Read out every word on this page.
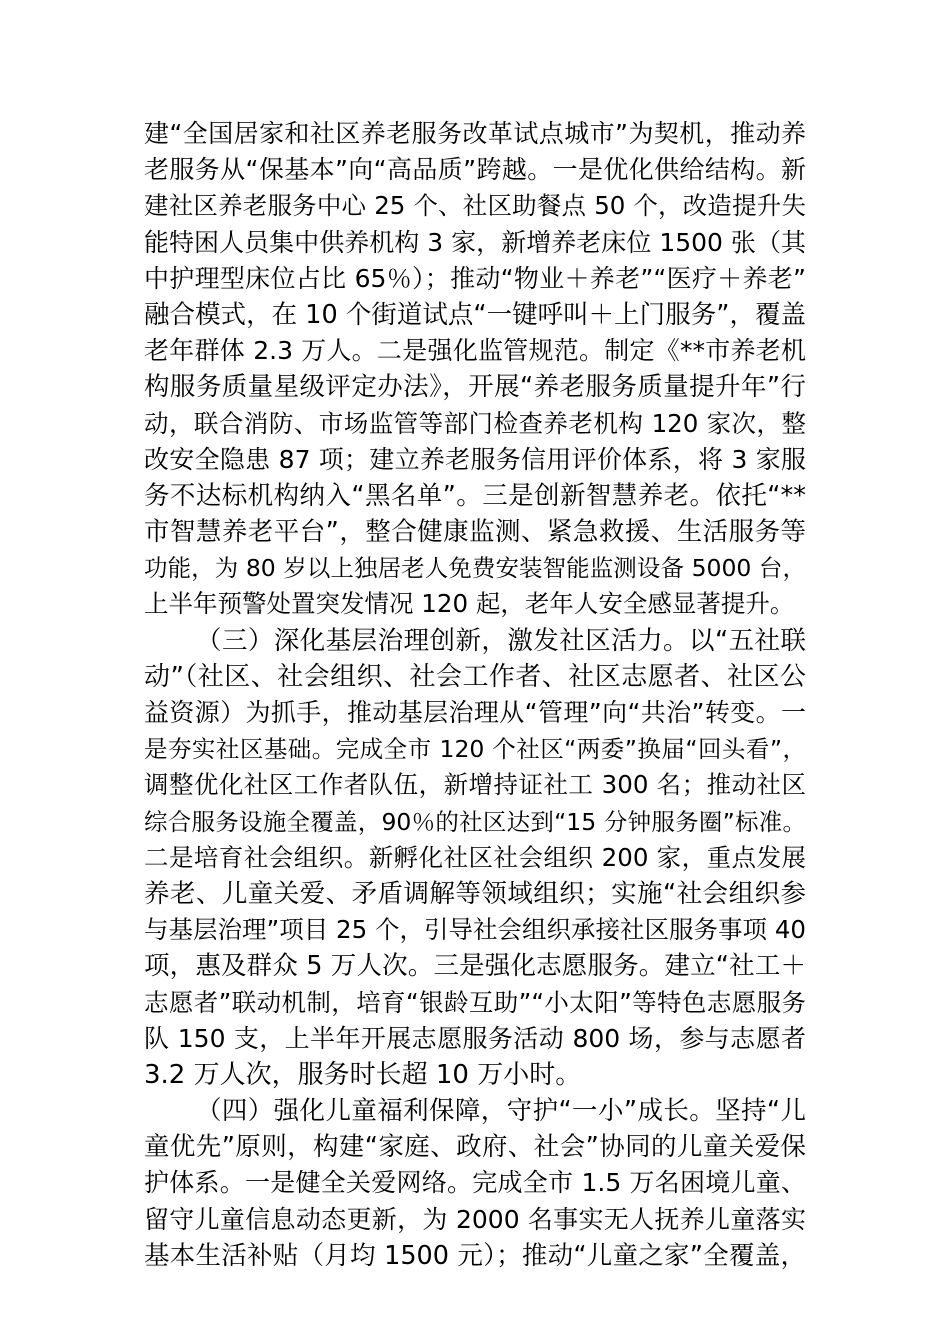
建“全国居家和社区养老服务改革试点城市”为契机，推动养
老服务从“保基本”向“高品质”跨越。一是优化供给结构。新
建社区养老服务中心 25 个、社区助餐点 50 个，改造提升失
能特困人员集中供养机构 3 家，新增养老床位 1500 张（其
中护理型床位占比 65％）；推动“物业＋养老”“医疗＋养老”
融合模式，在 10 个街道试点“一键呼叫＋上门服务”，覆盖
老年群体 2.3 万人。二是强化监管规范。制定《**市养老机
构服务质量星级评定办法》，开展“养老服务质量提升年”行
动，联合消防、市场监管等部门检查养老机构 120 家次，整
改安全隐患 87 项；建立养老服务信用评价体系，将 3 家服
务不达标机构纳入“黑名单”。三是创新智慧养老。依托“**
市智慧养老平台”，整合健康监测、紧急救援、生活服务等
功能，为 80 岁以上独居老人免费安装智能监测设备 5000 台，
上半年预警处置突发情况 120 起，老年人安全感显著提升。
（三）深化基层治理创新，激发社区活力。以“五社联
动”（社区、社会组织、社会工作者、社区志愿者、社区公
益资源）为抓手，推动基层治理从“管理”向“共治”转变。一
是夯实社区基础。完成全市 120 个社区“两委”换届“回头看”，
调整优化社区工作者队伍，新增持证社工 300 名；推动社区
综合服务设施全覆盖，90％的社区达到“15 分钟服务圈”标准。
二是培育社会组织。新孵化社区社会组织 200 家，重点发展
养老、儿童关爱、矛盾调解等领域组织；实施“社会组织参
与基层治理”项目 25 个，引导社会组织承接社区服务事项 40
项，惠及群众 5 万人次。三是强化志愿服务。建立“社工＋
志愿者”联动机制，培育“银龄互助”“小太阳”等特色志愿服务
队 150 支，上半年开展志愿服务活动 800 场，参与志愿者
3.2 万人次，服务时长超 10 万小时。
（四）强化儿童福利保障，守护“一小”成长。坚持“儿
童优先”原则，构建“家庭、政府、社会”协同的儿童关爱保
护体系。一是健全关爱网络。完成全市 1.5 万名困境儿童、
留守儿童信息动态更新，为 2000 名事实无人抚养儿童落实
基本生活补贴（月均 1500 元）；推动“儿童之家”全覆盖，
